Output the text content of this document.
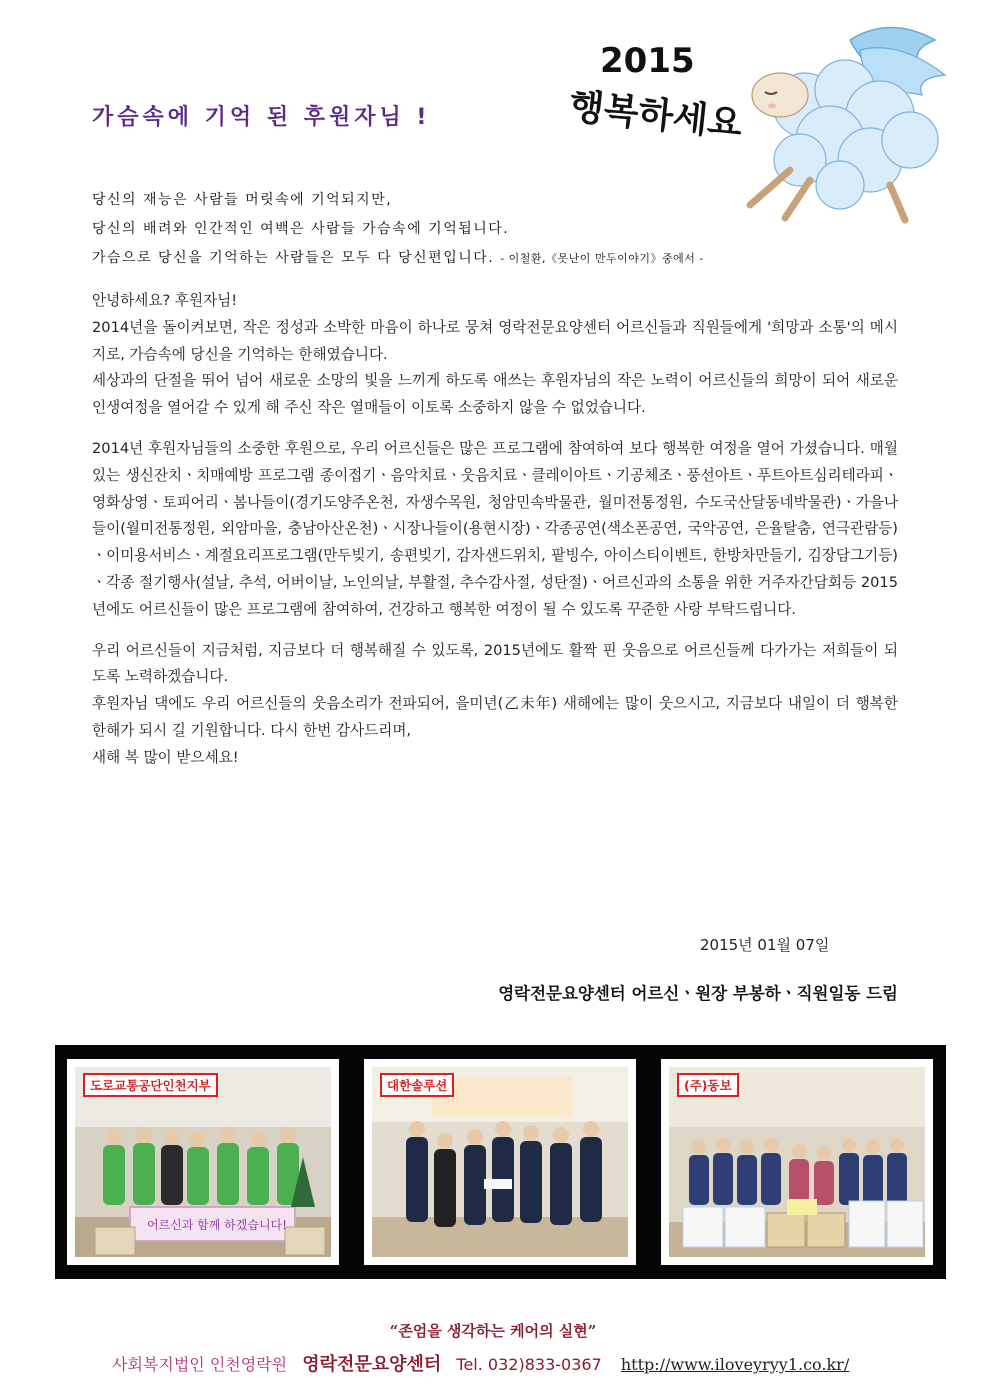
가슴속에 기억 된 후원자님 !
2015
행복하세요
당신의 재능은 사람들 머릿속에 기억되지만,
당신의 배려와 인간적인 여백은 사람들 가슴속에 기억됩니다.
가슴으로 당신을 기억하는 사람들은 모두 다 당신편입니다. - 이철환,《못난이 만두이야기》중에서 -

안녕하세요? 후원자님!

2014년을 돌이켜보면, 작은 정성과 소박한 마음이 하나로 뭉쳐 영락전문요양센터 어르신들과 직원들에게 '희망과 소통'의 메시지로, 가슴속에 당신을 기억하는 한해였습니다.

세상과의 단절을 뛰어 넘어 새로운 소망의 빛을 느끼게 하도록 애쓰는 후원자님의 작은 노력이 어르신들의 희망이 되어 새로운 인생여정을 열어갈 수 있게 해 주신 작은 열매들이 이토록 소중하지 않을 수 없었습니다.

2014년 후원자님들의 소중한 후원으로, 우리 어르신들은 많은 프로그램에 참여하여 보다 행복한 여정을 열어 가셨습니다. 매월 있는 생신잔치ㆍ치매예방 프로그램 종이접기ㆍ음악치료ㆍ웃음치료ㆍ클레이아트ㆍ기공체조ㆍ풍선아트ㆍ푸트아트심리테라피ㆍ영화상영ㆍ토피어리ㆍ봄나들이(경기도양주온천, 자생수목원, 청암민속박물관, 월미전통정원, 수도국산달동네박물관)ㆍ가을나들이(월미전통정원, 외암마을, 충남아산온천)ㆍ시장나들이(용현시장)ㆍ각종공연(색소폰공연, 국악공연, 은율탈춤, 연극관람등)ㆍ이미용서비스ㆍ계절요리프로그램(만두빚기, 송편빚기, 감자샌드위치, 팥빙수, 아이스티이벤트, 한방차만들기, 김장담그기등)ㆍ각종 절기행사(설날, 추석, 어버이날, 노인의날, 부활절, 추수감사절, 성탄절)ㆍ어르신과의 소통을 위한 거주자간담회등 2015년에도 어르신들이 많은 프로그램에 참여하여, 건강하고 행복한 여정이 될 수 있도록 꾸준한 사랑 부탁드립니다.

우리 어르신들이 지금처럼, 지금보다 더 행복해질 수 있도록, 2015년에도 활짝 핀 웃음으로 어르신들께 다가가는 저희들이 되도록 노력하겠습니다.

후원자님 댁에도 우리 어르신들의 웃음소리가 전파되어, 을미년(乙未年) 새해에는 많이 웃으시고, 지금보다 내일이 더 행복한 한해가 되시 길 기원합니다. 다시 한번 감사드리며,

새해 복 많이 받으세요!

2015년 01월 07일
영락전문요양센터 어르신ㆍ원장 부봉하ㆍ직원일동 드림
어르신과 함께 하겠습니다!
도로교통공단인천지부	대한솔루션	(주)동보
“존엄을 생각하는 케어의 실현”
사회복지법인 인천영락원 영락전문요양센터 Tel. 032)833-0367 http://www.iloveyryy1.co.kr/
